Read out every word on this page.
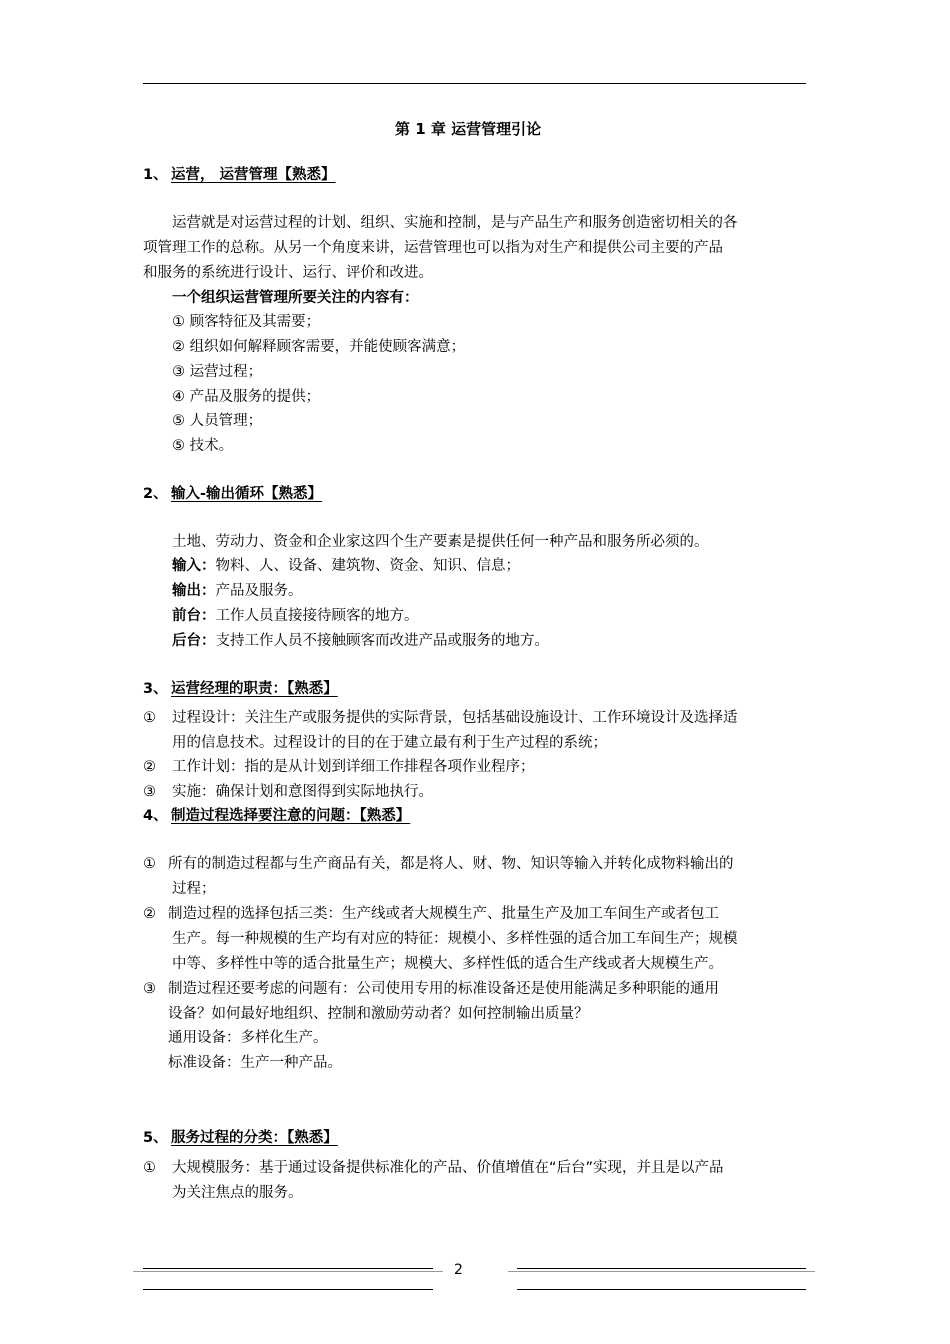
第 1 章 运营管理引论
1、 运营， 运营管理【熟悉】
运营就是对运营过程的计划、组织、实施和控制，是与产品生产和服务创造密切相关的各
项管理工作的总称。从另一个角度来讲，运营管理也可以指为对生产和提供公司主要的产品
和服务的系统进行设计、运行、评价和改进。
一个组织运营管理所要关注的内容有：
① 顾客特征及其需要；
② 组织如何解释顾客需要，并能使顾客满意；
③ 运营过程；
④ 产品及服务的提供；
⑤ 人员管理；
⑤ 技术。
2、 输入-输出循环【熟悉】
土地、劳动力、资金和企业家这四个生产要素是提供任何一种产品和服务所必须的。
输入：物料、人、设备、建筑物、资金、知识、信息；
输出：产品及服务。
前台：工作人员直接接待顾客的地方。
后台：支持工作人员不接触顾客而改进产品或服务的地方。
3、 运营经理的职责：【熟悉】
① 过程设计：关注生产或服务提供的实际背景，包括基础设施设计、工作环境设计及选择适
用的信息技术。过程设计的目的在于建立最有利于生产过程的系统；
② 工作计划：指的是从计划到详细工作排程各项作业程序；
③ 实施：确保计划和意图得到实际地执行。
4、 制造过程选择要注意的问题：【熟悉】
① 所有的制造过程都与生产商品有关，都是将人、财、物、知识等输入并转化成物料输出的
过程；
② 制造过程的选择包括三类：生产线或者大规模生产、批量生产及加工车间生产或者包工
生产。每一种规模的生产均有对应的特征：规模小、多样性强的适合加工车间生产；规模
中等、多样性中等的适合批量生产；规模大、多样性低的适合生产线或者大规模生产。
③ 制造过程还要考虑的问题有：公司使用专用的标准设备还是使用能满足多种职能的通用
设备？如何最好地组织、控制和激励劳动者？如何控制输出质量？
通用设备：多样化生产。
标准设备：生产一种产品。
5、 服务过程的分类：【熟悉】
① 大规模服务：基于通过设备提供标准化的产品、价值增值在“后台”实现，并且是以产品
为关注焦点的服务。
2
